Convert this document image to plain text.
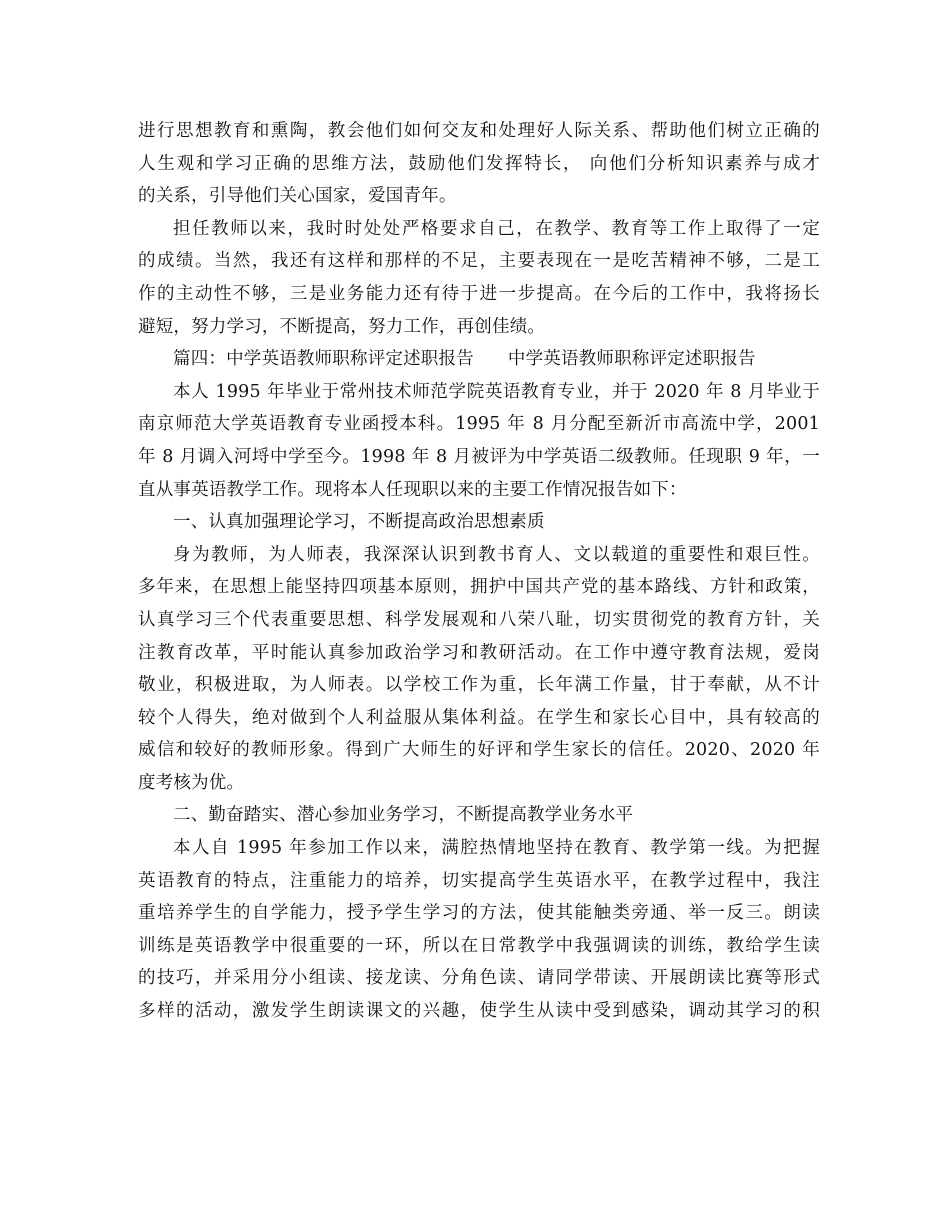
进行思想教育和熏陶，教会他们如何交友和处理好人际关系、帮助他们树立正确的
人生观和学习正确的思维方法，鼓励他们发挥特长， 向他们分析知识素养与成才
的关系，引导他们关心国家，爱国青年。
担任教师以来，我时时处处严格要求自己，在教学、教育等工作上取得了一定
的成绩。当然，我还有这样和那样的不足，主要表现在一是吃苦精神不够，二是工
作的主动性不够，三是业务能力还有待于进一步提高。在今后的工作中，我将扬长
避短，努力学习，不断提高，努力工作，再创佳绩。
篇四：中学英语教师职称评定述职报告 中学英语教师职称评定述职报告
本人 1995 年毕业于常州技术师范学院英语教育专业，并于 2020 年 8 月毕业于
南京师范大学英语教育专业函授本科。1995 年 8 月分配至新沂市高流中学，2001
年 8 月调入河埒中学至今。1998 年 8 月被评为中学英语二级教师。任现职 9 年，一
直从事英语教学工作。现将本人任现职以来的主要工作情况报告如下：
一、认真加强理论学习，不断提高政治思想素质
身为教师，为人师表，我深深认识到教书育人、文以载道的重要性和艰巨性。
多年来，在思想上能坚持四项基本原则，拥护中国共产党的基本路线、方针和政策，
认真学习三个代表重要思想、科学发展观和八荣八耻，切实贯彻党的教育方针，关
注教育改革，平时能认真参加政治学习和教研活动。在工作中遵守教育法规，爱岗
敬业，积极进取，为人师表。以学校工作为重，长年满工作量，甘于奉献，从不计
较个人得失，绝对做到个人利益服从集体利益。在学生和家长心目中，具有较高的
威信和较好的教师形象。得到广大师生的好评和学生家长的信任。2020、2020 年
度考核为优。
二、勤奋踏实、潜心参加业务学习，不断提高教学业务水平
本人自 1995 年参加工作以来，满腔热情地坚持在教育、教学第一线。为把握
英语教育的特点，注重能力的培养，切实提高学生英语水平，在教学过程中，我注
重培养学生的自学能力，授予学生学习的方法，使其能触类旁通、举一反三。朗读
训练是英语教学中很重要的一环，所以在日常教学中我强调读的训练，教给学生读
的技巧，并采用分小组读、接龙读、分角色读、请同学带读、开展朗读比赛等形式
多样的活动，激发学生朗读课文的兴趣，使学生从读中受到感染，调动其学习的积
